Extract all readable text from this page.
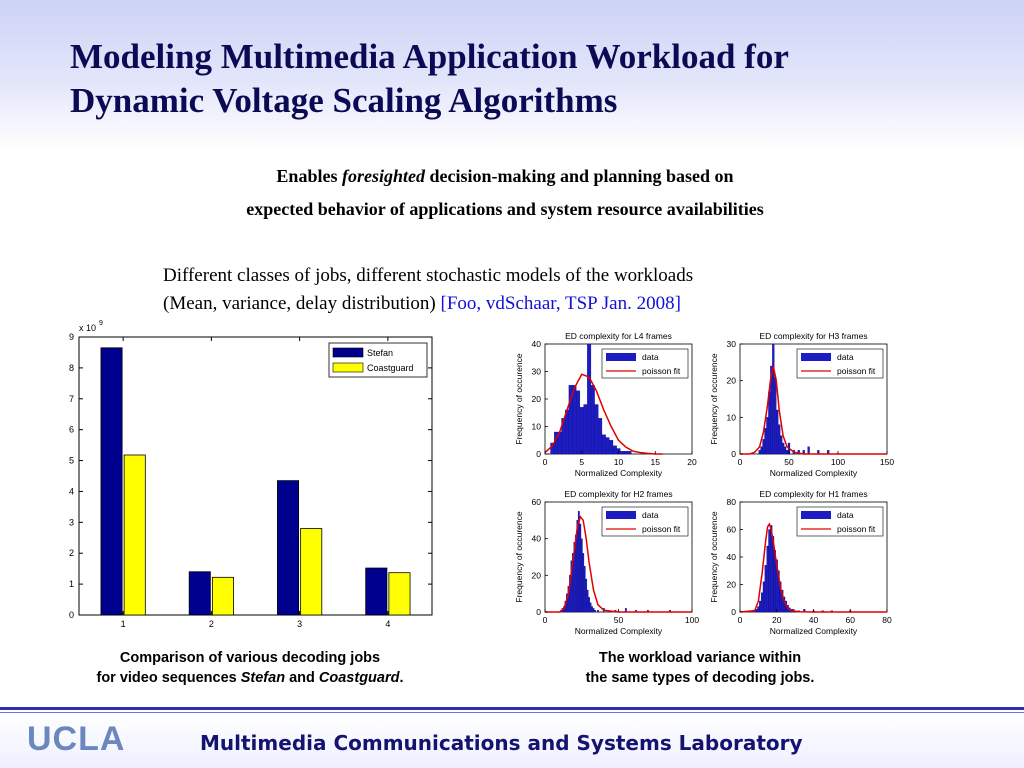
Modeling Multimedia Application Workload for
Dynamic Voltage Scaling Algorithms
Enables foresighted decision-making and planning based on
expected behavior of applications and system resource availabilities
Different classes of jobs, different stochastic models of the workloads
(Mean, variance, delay distribution) [Foo, vdSchaar, TSP Jan. 2008]
0
1
2
3
4
5
6
7
8
9
x 10 9
1	2	3	4
Stefan
Coastguard
ED complexity for L4 frames
0	5	10	15	20
0
10
20
30
40
Normalized Complexity
Frequency of occurence	data
poisson fit
ED complexity for H3 frames
0	50	100	150
0
10
20
30
Normalized Complexity
Frequency of occurence	data
poisson fit
ED complexity for H2 frames
0	50	100
0
20
40
60
Normalized Complexity
Frequency of occurence	data
poisson fit
ED complexity for H1 frames
0	20	40	60	80
0
20
40
60
80
Normalized Complexity
Frequency of occurence	data
poisson fit
Comparison of various decoding jobs
for video sequences Stefan and Coastguard.
The workload variance within
the same types of decoding jobs.
UCLA	Multimedia Communications and Systems Laboratory
